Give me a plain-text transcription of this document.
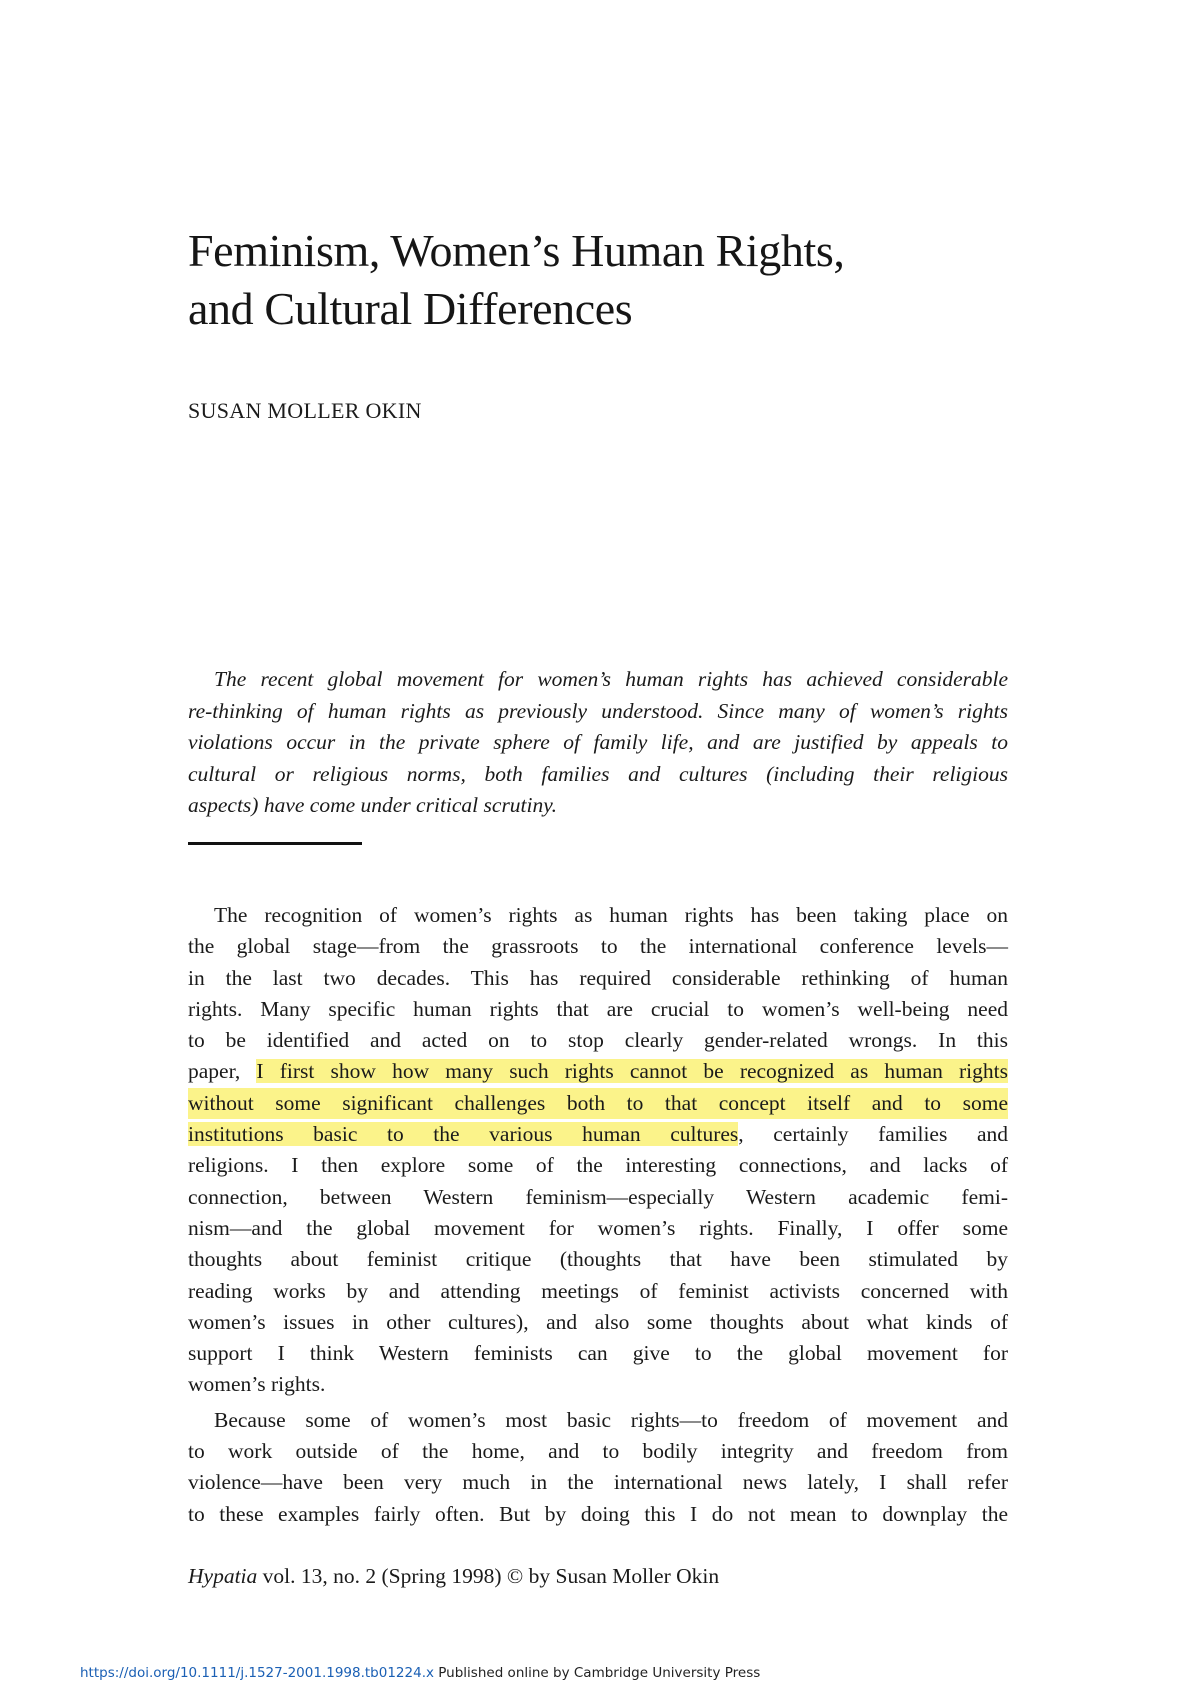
Feminism, Women’s Human Rights,
and Cultural Differences
SUSAN MOLLER OKIN
The recent global movement for women’s human rights has achieved considerable
re-thinking of human rights as previously understood. Since many of women’s rights
violations occur in the private sphere of family life, and are justified by appeals to
cultural or religious norms, both families and cultures (including their religious
aspects) have come under critical scrutiny.
The recognition of women’s rights as human rights has been taking place on
the global stage—from the grassroots to the international conference levels—
in the last two decades. This has required considerable rethinking of human
rights. Many specific human rights that are crucial to women’s well-being need
to be identified and acted on to stop clearly gender-related wrongs. In this
paper, I first show how many such rights cannot be recognized as human rights
without some significant challenges both to that concept itself and to some
institutions basic to the various human cultures, certainly families and
religions. I then explore some of the interesting connections, and lacks of
connection, between Western feminism—especially Western academic femi-
nism—and the global movement for women’s rights. Finally, I offer some
thoughts about feminist critique (thoughts that have been stimulated by
reading works by and attending meetings of feminist activists concerned with
women’s issues in other cultures), and also some thoughts about what kinds of
support I think Western feminists can give to the global movement for
women’s rights.
Because some of women’s most basic rights—to freedom of movement and
to work outside of the home, and to bodily integrity and freedom from
violence—have been very much in the international news lately, I shall refer
to these examples fairly often. But by doing this I do not mean to downplay the
Hypatia vol. 13, no. 2 (Spring 1998) © by Susan Moller Okin
https://doi.org/10.1111/j.1527-2001.1998.tb01224.x Published online by Cambridge University Press
